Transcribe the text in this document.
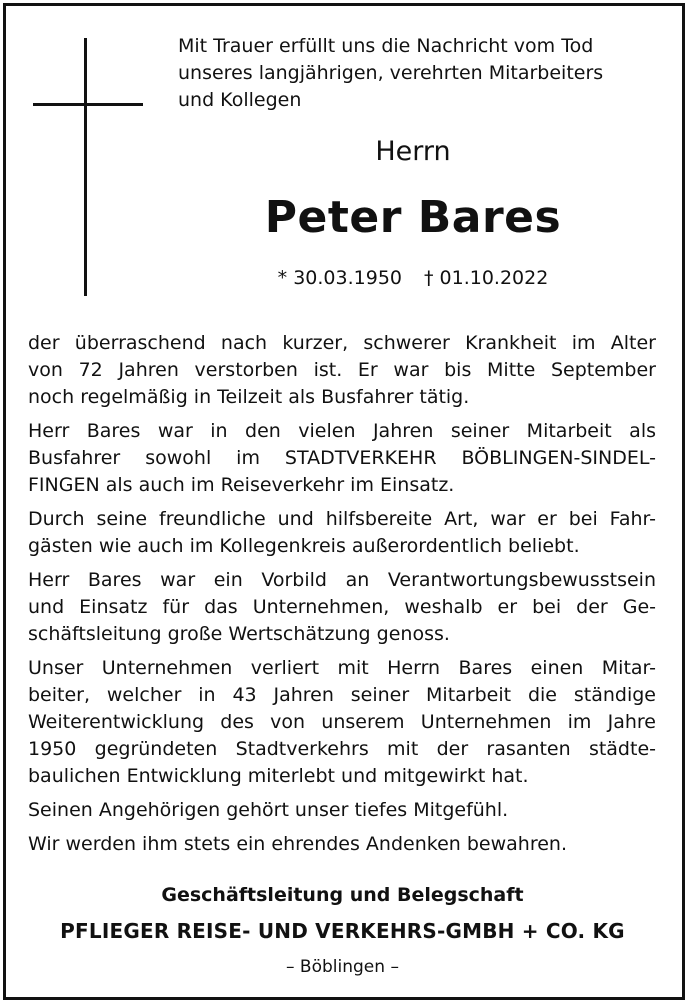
Mit Trauer erfüllt uns die Nachricht vom Tod
unseres langjährigen, verehrten Mitarbeiters
und Kollegen
Herrn
Peter Bares
* 30.03.1950 † 01.10.2022
der überraschend nach kurzer, schwerer Krankheit im Alter
von 72 Jahren verstorben ist. Er war bis Mitte September
noch regelmäßig in Teilzeit als Busfahrer tätig.
Herr Bares war in den vielen Jahren seiner Mitarbeit als
Busfahrer sowohl im STADTVERKEHR BÖBLINGEN-SINDEL-
FINGEN als auch im Reiseverkehr im Einsatz.
Durch seine freundliche und hilfsbereite Art, war er bei Fahr-
gästen wie auch im Kollegenkreis außerordentlich beliebt.
Herr Bares war ein Vorbild an Verantwortungsbewusstsein
und Einsatz für das Unternehmen, weshalb er bei der Ge-
schäftsleitung große Wertschätzung genoss.
Unser Unternehmen verliert mit Herrn Bares einen Mitar-
beiter, welcher in 43 Jahren seiner Mitarbeit die ständige
Weiterentwicklung des von unserem Unternehmen im Jahre
1950 gegründeten Stadtverkehrs mit der rasanten städte-
baulichen Entwicklung miterlebt und mitgewirkt hat.
Seinen Angehörigen gehört unser tiefes Mitgefühl.
Wir werden ihm stets ein ehrendes Andenken bewahren.
Geschäftsleitung und Belegschaft
PFLIEGER REISE- UND VERKEHRS-GMBH + CO. KG
– Böblingen –
